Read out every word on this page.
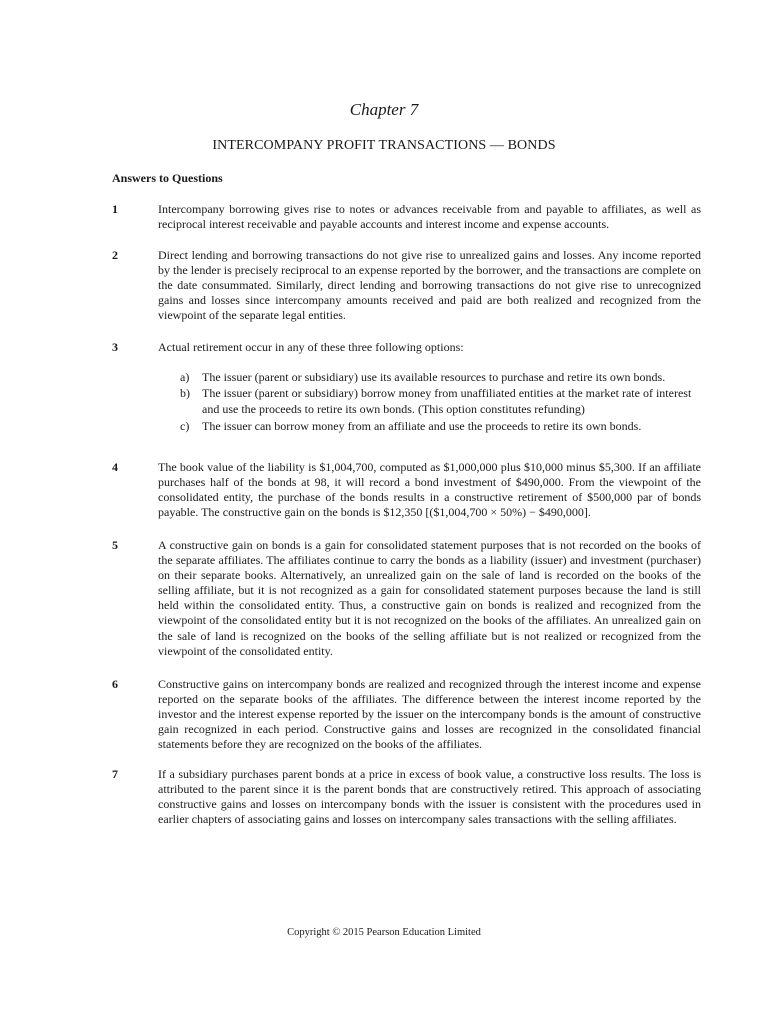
Chapter 7
INTERCOMPANY PROFIT TRANSACTIONS — BONDS
Answers to Questions
1	Intercompany borrowing gives rise to notes or advances receivable from and payable to affiliates, as well as reciprocal interest receivable and payable accounts and interest income and expense accounts.
2	Direct lending and borrowing transactions do not give rise to unrealized gains and losses. Any income reported by the lender is precisely reciprocal to an expense reported by the borrower, and the transactions are complete on the date consummated. Similarly, direct lending and borrowing transactions do not give rise to unrecognized gains and losses since intercompany amounts received and paid are both realized and recognized from the viewpoint of the separate legal entities.
3	Actual retirement occur in any of these three following options:
a)	The issuer (parent or subsidiary) use its available resources to purchase and retire its own bonds.
b)	The issuer (parent or subsidiary) borrow money from unaffiliated entities at the market rate of interest and use the proceeds to retire its own bonds. (This option constitutes refunding)
c)	The issuer can borrow money from an affiliate and use the proceeds to retire its own bonds.
4	The book value of the liability is $1,004,700, computed as $1,000,000 plus $10,000 minus $5,300. If an affiliate purchases half of the bonds at 98, it will record a bond investment of $490,000. From the viewpoint of the consolidated entity, the purchase of the bonds results in a constructive retirement of $500,000 par of bonds payable. The constructive gain on the bonds is $12,350 [($1,004,700 × 50%) − $490,000].
5	A constructive gain on bonds is a gain for consolidated statement purposes that is not recorded on the books of the separate affiliates. The affiliates continue to carry the bonds as a liability (issuer) and investment (purchaser) on their separate books. Alternatively, an unrealized gain on the sale of land is recorded on the books of the selling affiliate, but it is not recognized as a gain for consolidated statement purposes because the land is still held within the consolidated entity. Thus, a constructive gain on bonds is realized and recognized from the viewpoint of the consolidated entity but it is not recognized on the books of the affiliates. An unrealized gain on the sale of land is recognized on the books of the selling affiliate but is not realized or recognized from the viewpoint of the consolidated entity.
6	Constructive gains on intercompany bonds are realized and recognized through the interest income and expense reported on the separate books of the affiliates. The difference between the interest income reported by the investor and the interest expense reported by the issuer on the intercompany bonds is the amount of constructive gain recognized in each period. Constructive gains and losses are recognized in the consolidated financial statements before they are recognized on the books of the affiliates.
7	If a subsidiary purchases parent bonds at a price in excess of book value, a constructive loss results. The loss is attributed to the parent since it is the parent bonds that are constructively retired. This approach of associating constructive gains and losses on intercompany bonds with the issuer is consistent with the procedures used in earlier chapters of associating gains and losses on intercompany sales transactions with the selling affiliates.
Copyright © 2015 Pearson Education Limited
